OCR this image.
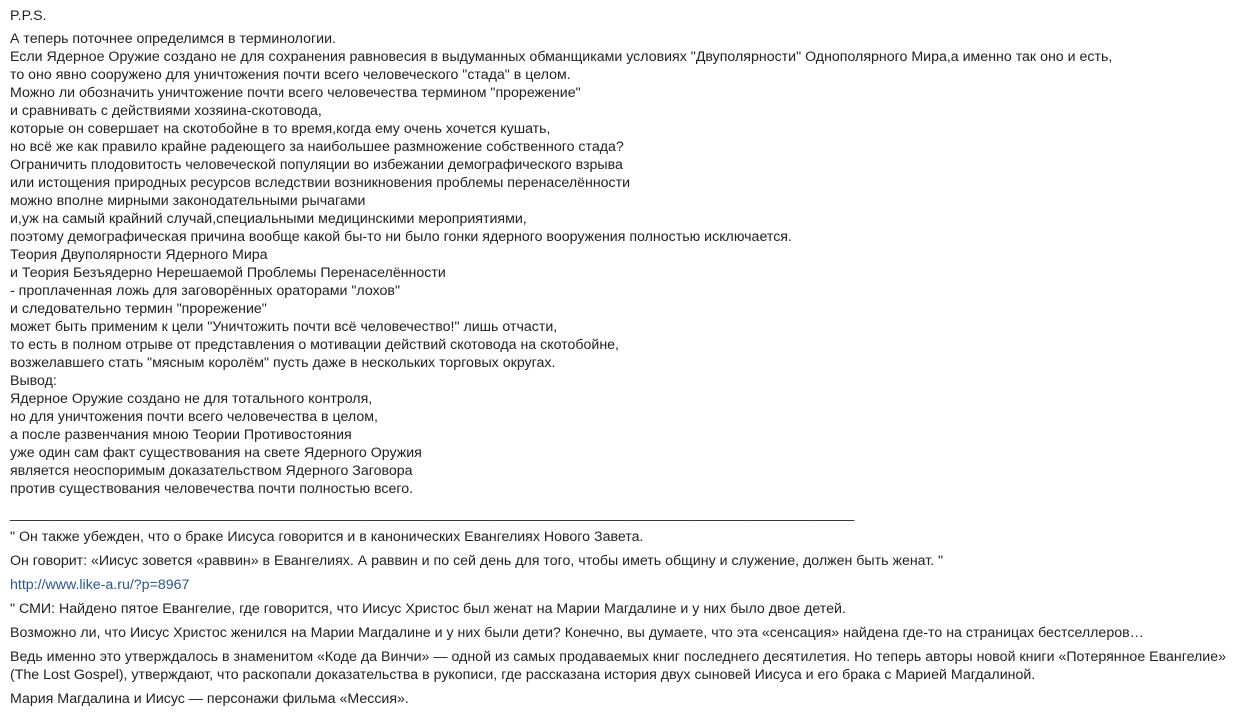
P.P.S.
А теперь поточнее определимся в терминологии.
Если Ядерное Оружие создано не для сохранения равновесия в выдуманных обманщиками условиях "Двуполярности" Однополярного Мира,а именно так оно и есть,
то оно явно сооружено для уничтожения почти всего человеческого "стада" в целом.
Можно ли обозначить уничтожение почти всего человечества термином "прорежение"
и сравнивать с действиями хозяина-скотовода,
которые он совершает на скотобойне в то время,когда ему очень хочется кушать,
но всё же как правило крайне радеющего за наибольшее размножение собственного стада?
Ограничить плодовитость человеческой популяции во избежании демографического взрыва
или истощения природных ресурсов вследствии возникновения проблемы перенаселённости
можно вполне мирными законодательными рычагами
и,уж на самый крайний случай,специальными медицинскими мероприятиями,
поэтому демографическая причина вообще какой бы-то ни было гонки ядерного вооружения полностью исключается.
Теория Двуполярности Ядерного Мира
и Теория Безъядерно Нерешаемой Проблемы Перенаселённости
- проплаченная ложь для заговорённых ораторами "лохов"
и следовательно термин "прорежение"
может быть применим к цели "Уничтожить почти всё человечество!" лишь отчасти,
то есть в полном отрыве от представления о мотивации действий скотовода на скотобойне,
возжелавшего стать "мясным королём" пусть даже в нескольких торговых округах.
Вывод:
Ядерное Оружие создано не для тотального контроля,
но для уничтожения почти всего человечества в целом,
а после развенчания мною Теории Противостояния
уже один сам факт существования на свете Ядерного Оружия
является неоспоримым доказательством Ядерного Заговора
против существования человечества почти полностью всего.
___________________________________________________________________________________________________________
" Он также убежден, что о браке Иисуса говорится и в канонических Евангелиях Нового Завета.
Он говорит: «Иисус зовется «раввин» в Евангелиях. А раввин и по сей день для того, чтобы иметь общину и служение, должен быть женат. "
http://www.like-a.ru/?p=8967
" СМИ: Найдено пятое Евангелие, где говорится, что Иисус Христос был женат на Марии Магдалине и у них было двое детей.
Возможно ли, что Иисус Христос женился на Марии Магдалине и у них были дети? Конечно, вы думаете, что эта «сенсация» найдена где-то на страницах бестселлеров…
Ведь именно это утверждалось в знаменитом «Коде да Винчи» — одной из самых продаваемых книг последнего десятилетия. Но теперь авторы новой книги «Потерянное Евангелие» (The Lost Gospel), утверждают, что раскопали доказательства в рукописи, где рассказана история двух сыновей Иисуса и его брака с Марией Магдалиной.
Мария Магдалина и Иисус — персонажи фильма «Мессия».
